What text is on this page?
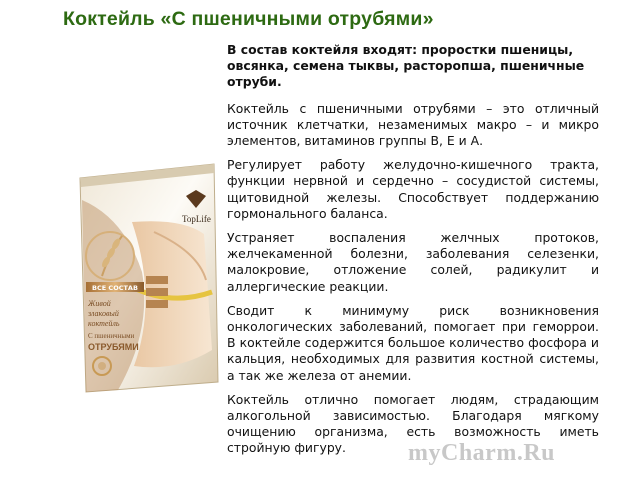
Коктейль «С пшеничными отрубями»
TopLife
ВСЕ СОСТАВ
Живой
злаковый
коктейль
С пшеничными
ОТРУБЯМИ

В состав коктейля входят: проростки пшеницы, овсянка, семена тыквы, расторопша, пшеничные отруби.

Коктейль с пшеничными отрубями – это отличный источник клетчатки, незаменимых макро – и микро элементов, витаминов группы B, E и А.

Регулирует работу желудочно-кишечного тракта, функции нервной и сердечно – сосудистой системы, щитовидной железы. Способствует поддержанию гормонального баланса.

Устраняет воспаления желчных протоков, желчекаменной болезни, заболевания селезенки, малокровие, отложение солей, радикулит и аллергические реакции.

Сводит к минимуму риск возникновения онкологических заболеваний, помогает при геморрои. В коктейле содержится большое количество фосфора и кальция, необходимых для развития костной системы, а так же железа от анемии.

Коктейль отлично помогает людям, страдающим алкогольной зависимостью. Благодаря мягкому очищению организма, есть возможность иметь стройную фигуру.	myCharm.Ru
